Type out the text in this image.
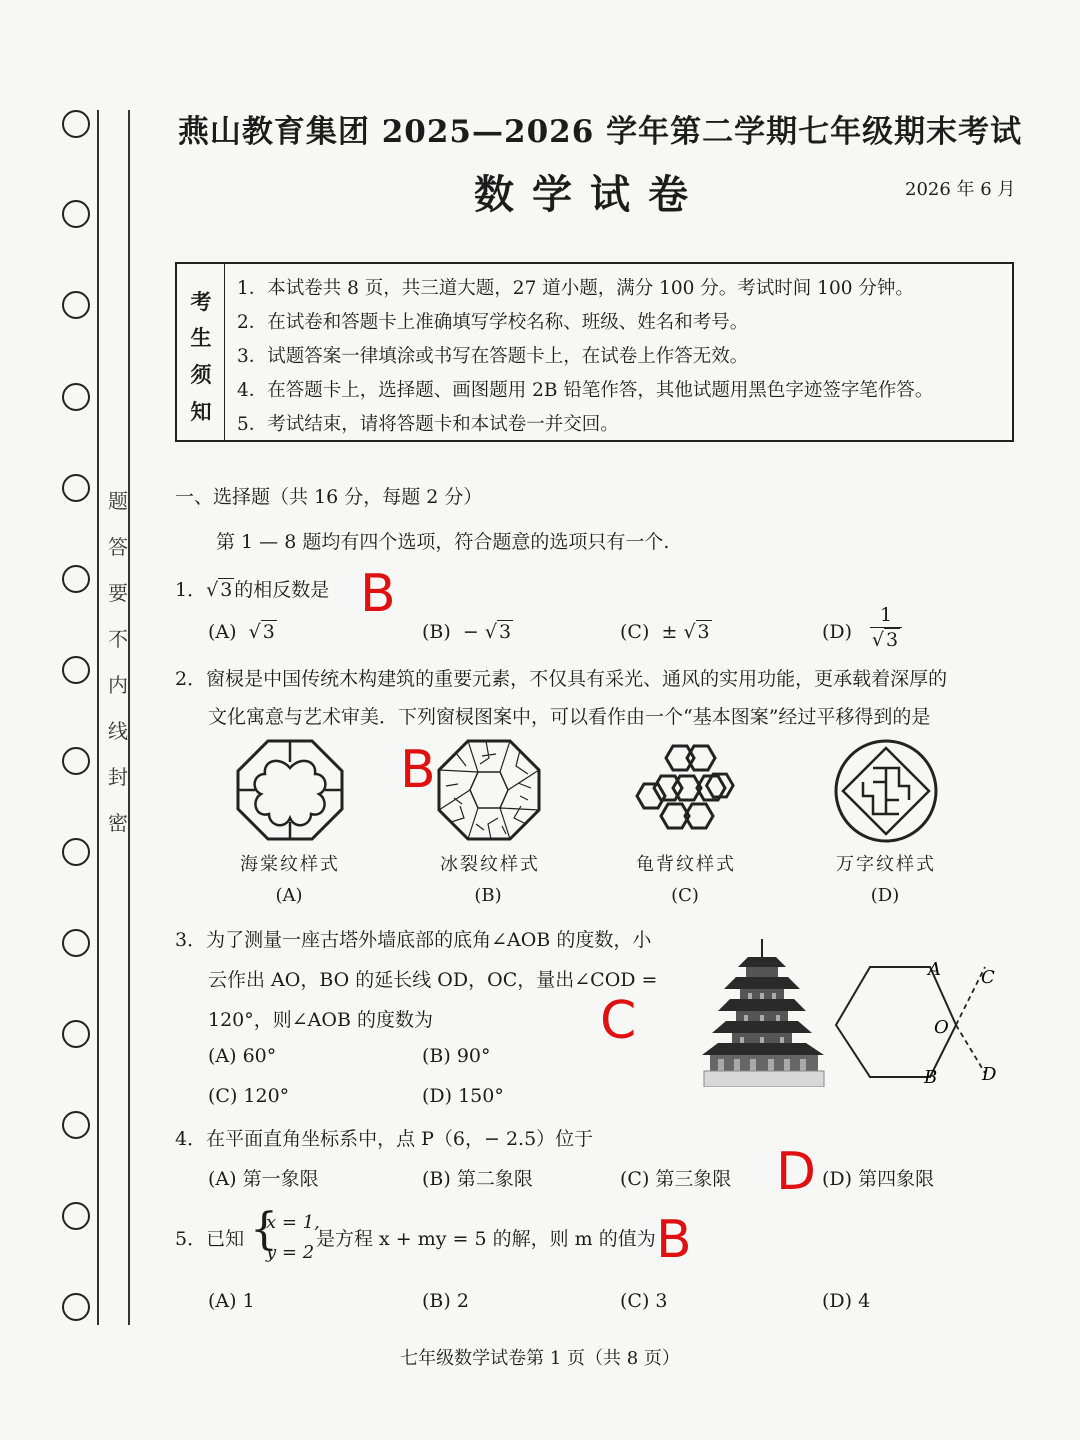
题
答
要
不
内
线
封
密
燕山教育集团 2025—2026 学年第二学期七年级期末考试
数学试卷	2026 年 6 月
考
生
须
知
1．本试卷共 8 页，共三道大题，27 道小题，满分 100 分。考试时间 100 分钟。
2．在试卷和答题卡上准确填写学校名称、班级、姓名和考号。
3．试题答案一律填涂或书写在答题卡上，在试卷上作答无效。
4．在答题卡上，选择题、画图题用 2B 铅笔作答，其他试题用黑色字迹签字笔作答。
5．考试结束，请将答题卡和本试卷一并交回。
一、选择题（共 16 分，每题 2 分）
第 1 — 8 题均有四个选项，符合题意的选项只有一个.
1．√ 3 的相反数是 B
(A) √ 3	(B) − √ 3	(C) ± √ 3	(D)
1
√ 3
2．窗棂是中国传统木构建筑的重要元素，不仅具有采光、通风的实用功能，更承载着深厚的
文化寓意与艺术审美．下列窗棂图案中，可以看作由一个“基本图案”经过平移得到的是
B
海棠纹样式	冰裂纹样式	龟背纹样式	万字纹样式
(A)	(B)	(C)	(D)
3．为了测量一座古塔外墙底部的底角∠AOB 的度数，小
云作出 AO，BO 的延长线 OD，OC，量出∠COD =
120°，则∠AOB 的度数为
(A) 60°	(B) 90°
(C) 120°	(D) 150°
C
A
B
C
D
O
4．在平面直角坐标系中，点 P（6，− 2.5）位于
(A) 第一象限	(B) 第二象限	(C) 第三象限	(D) 第四象限
D
5．已知 {
x = 1,
y = 2
是方程 x + my = 5 的解，则 m 的值为 B
(A) 1	(B) 2	(C) 3	(D) 4
七年级数学试卷第 1 页（共 8 页）
